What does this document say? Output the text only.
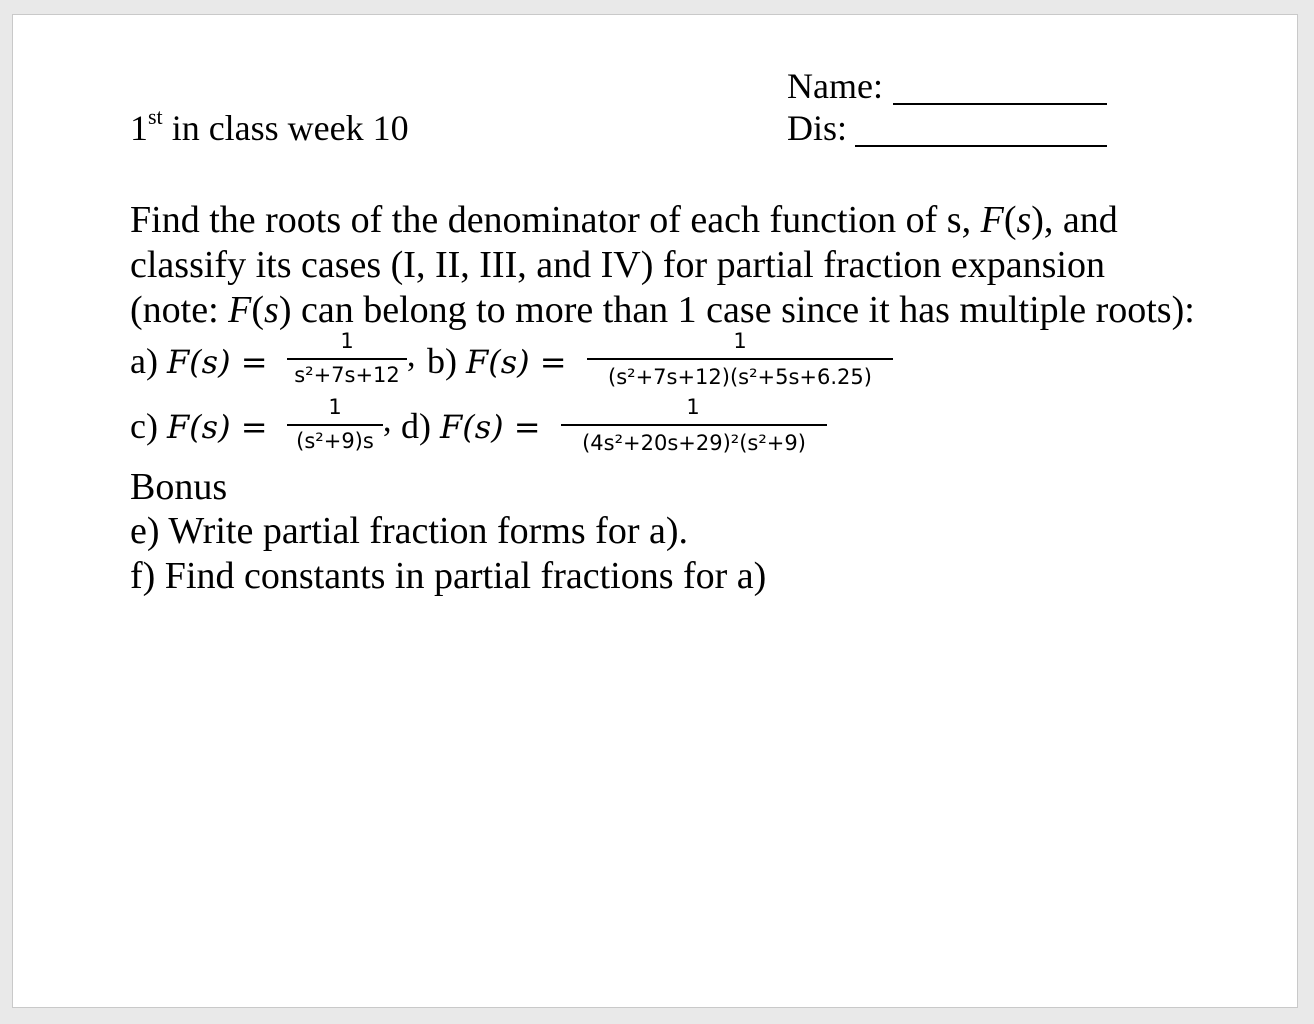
1st in class week 10
Name:
Dis:
Find the roots of the denominator of each function of s, F(s), and
classify its cases (I, II, III, and IV) for partial fraction expansion
(note: F(s) can belong to more than 1 case since it has multiple roots):
a) F(s) =
1
s²+7s+12
, b) F(s) =
1
(s²+7s+12)(s²+5s+6.25)
c) F(s) =
1
(s²+9)s
, d) F(s) =
1
(4s²+20s+29)²(s²+9)
Bonus
e) Write partial fraction forms for a).
f) Find constants in partial fractions for a)
